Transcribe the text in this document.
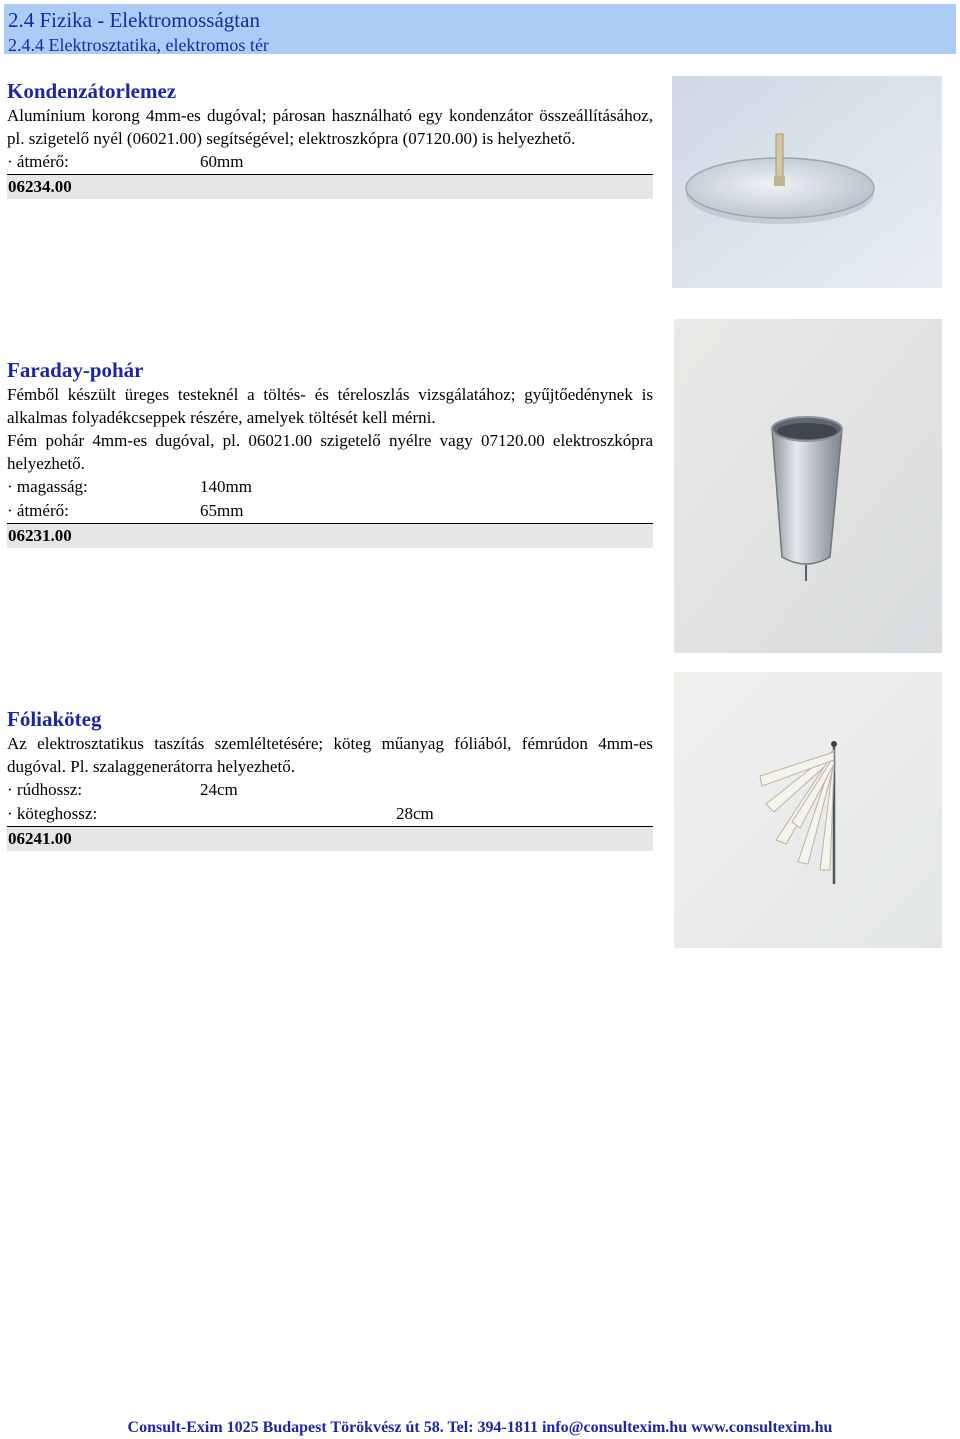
2.4 Fizika - Elektromosságtan
2.4.4 Elektrosztatika, elektromos tér
Kondenzátorlemez
Alumínium korong 4mm-es dugóval; párosan használható egy kondenzátor összeállításához, pl. szigetelő nyél (06021.00) segítségével; elektroszkópra (07120.00) is helyezhető.
· átmérő:	60mm
06234.00
Faraday-pohár
Fémből készült üreges testeknél a töltés- és téreloszlás vizsgálatához; gyűjtőedénynek is alkalmas folyadékcseppek részére, amelyek töltését kell mérni.
Fém pohár 4mm-es dugóval, pl. 06021.00 szigetelő nyélre vagy 07120.00 elektroszkópra helyezhető.
· magasság:	140mm
· átmérő:	65mm
06231.00
Fóliaköteg
Az elektrosztatikus taszítás szemléltetésére; köteg műanyag fóliából, fémrúdon 4mm-es dugóval. Pl. szalaggenerátorra helyezhető.
· rúdhossz:	24cm
· köteghossz:	28cm
06241.00
Consult-Exim 1025 Budapest Törökvész út 58. Tel: 394-1811 info@consultexim.hu www.consultexim.hu
